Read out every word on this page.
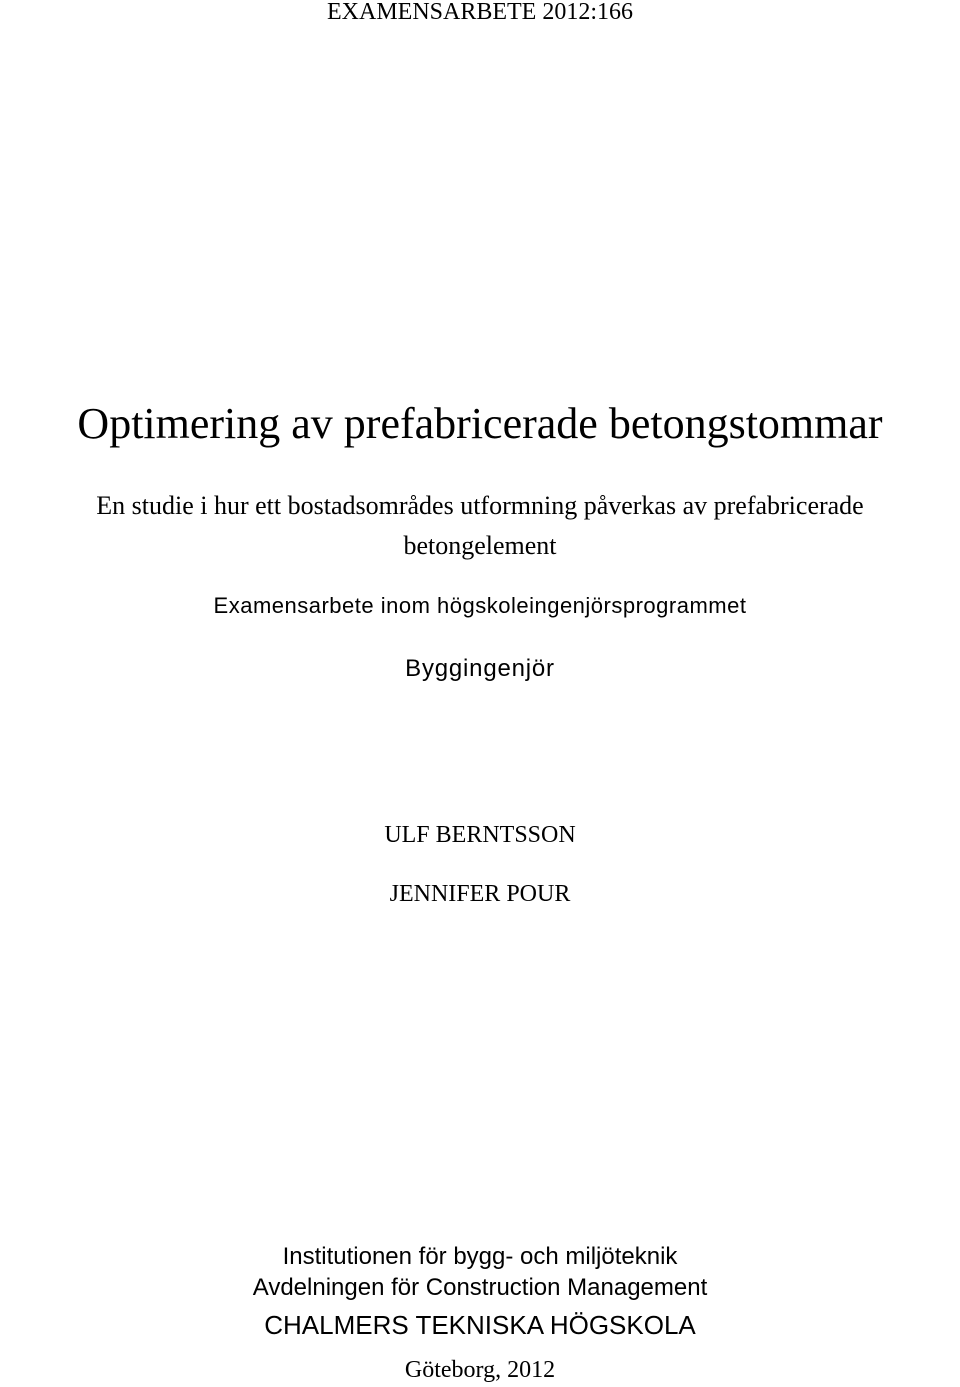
EXAMENSARBETE 2012:166
Optimering av prefabricerade betongstommar
En studie i hur ett bostadsområdes utformning påverkas av prefabricerade
betongelement
Examensarbete inom högskoleingenjörsprogrammet
Byggingenjör
ULF BERNTSSON
JENNIFER POUR
Institutionen för bygg- och miljöteknik
Avdelningen för Construction Management
CHALMERS TEKNISKA HÖGSKOLA
Göteborg, 2012
